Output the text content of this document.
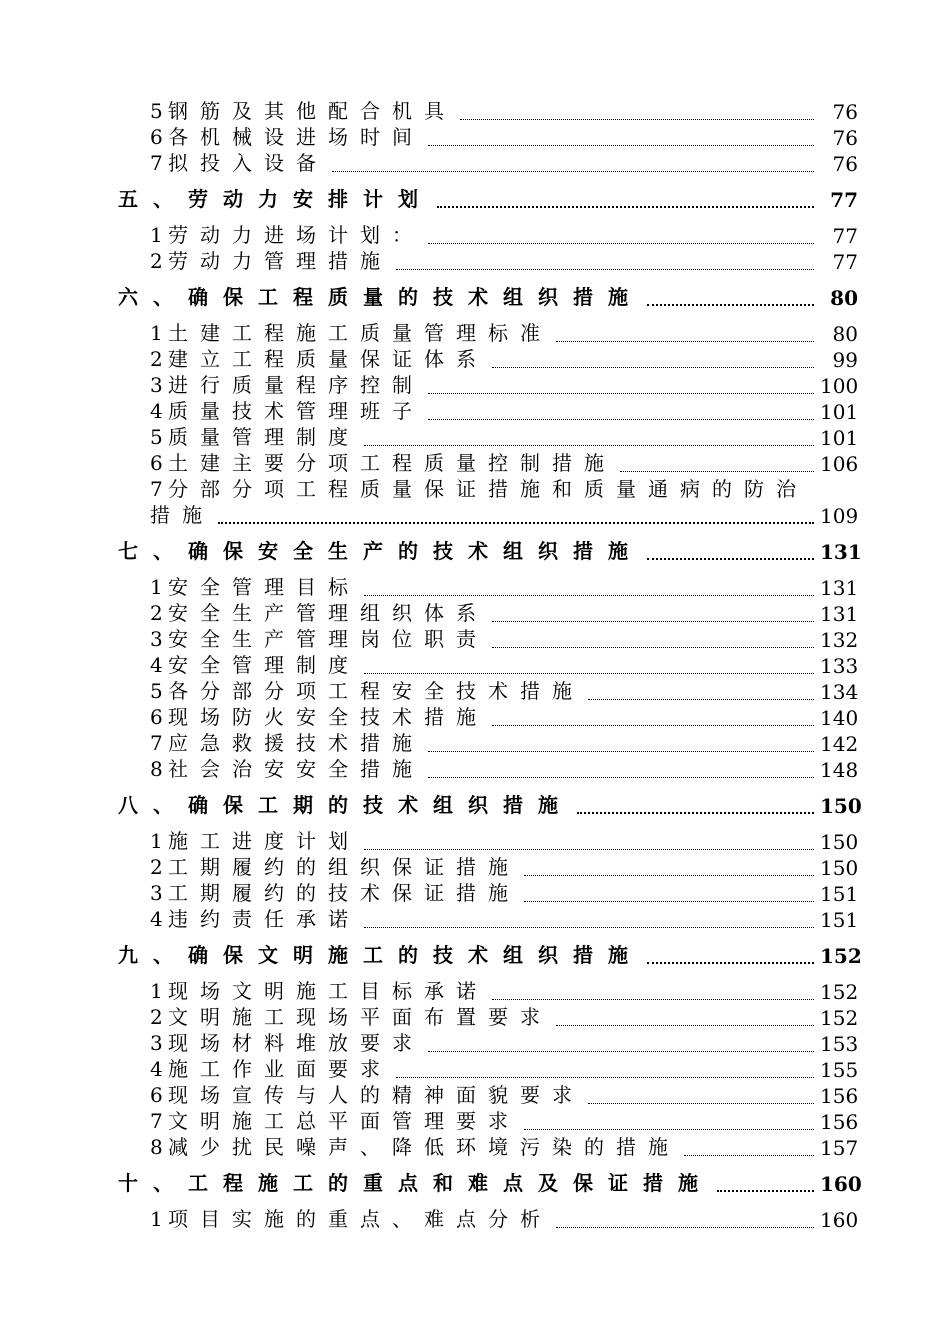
5 钢筋及其他配合机具	76
6 各机械设进场时间	76
7 拟投入设备	76
五、劳动力安排计划	77
1 劳动力进场计划：	77
2 劳动力管理措施	77
六、确保工程质量的技术组织措施	80
1 土建工程施工质量管理标准	80
2 建立工程质量保证体系	99
3 进行质量程序控制	100
4 质量技术管理班子	101
5 质量管理制度	101
6 土建主要分项工程质量控制措施	106
7 分部分项工程质量保证措施和质量通病的防治
措施	109
七、确保安全生产的技术组织措施	131
1 安全管理目标	131
2 安全生产管理组织体系	131
3 安全生产管理岗位职责	132
4 安全管理制度	133
5 各分部分项工程安全技术措施	134
6 现场防火安全技术措施	140
7 应急救援技术措施	142
8 社会治安安全措施	148
八、确保工期的技术组织措施	150
1 施工进度计划	150
2 工期履约的组织保证措施	150
3 工期履约的技术保证措施	151
4 违约责任承诺	151
九、确保文明施工的技术组织措施	152
1 现场文明施工目标承诺	152
2 文明施工现场平面布置要求	152
3 现场材料堆放要求	153
4 施工作业面要求	155
6 现场宣传与人的精神面貌要求	156
7 文明施工总平面管理要求	156
8 减少扰民噪声、降低环境污染的措施	157
十、工程施工的重点和难点及保证措施	160
1 项目实施的重点、难点分析	160
